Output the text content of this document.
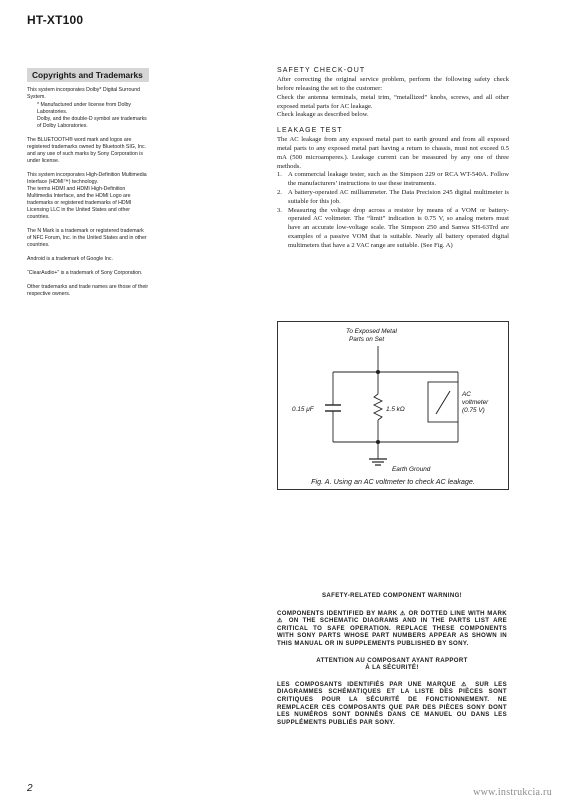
HT-XT100
Copyrights and Trademarks

This system incorporates Dolby* Digital Surround System.

* Manufactured under license from Dolby Laboratories.

Dolby, and the double-D symbol are trademarks of Dolby Laboratories.

The BLUETOOTH® word mark and logos are registered trademarks owned by Bluetooth SIG, Inc. and any use of such marks by Sony Corporation is under license.

This system incorporates High-Definition Multimedia Interface (HDMI™) technology.

The terms HDMI and HDMI High-Definition Multimedia Interface, and the HDMI Logo are trademarks or registered trademarks of HDMI Licensing LLC in the United States and other countries.

The N Mark is a trademark or registered trademark of NFC Forum, Inc. in the United States and in other countries.

Android is a trademark of Google Inc.

“ClearAudio+” is a trademark of Sony Corporation.

Other trademarks and trade names are those of their respective owners.

SAFETY CHECK-OUT

After correcting the original service problem, perform the following safety check before releasing the set to the customer:

Check the antenna terminals, metal trim, “metallized” knobs, screws, and all other exposed metal parts for AC leakage.

Check leakage as described below.

LEAKAGE TEST

The AC leakage from any exposed metal part to earth ground and from all exposed metal parts to any exposed metal part having a return to chassis, must not exceed 0.5 mA (500 microamperes.). Leakage current can be measured by any one of three methods.

1. A commercial leakage tester, such as the Simpson 229 or RCA WT-540A. Follow the manufacturers’ instructions to use these instruments.
2. A battery-operated AC milliammeter. The Data Precision 245 digital multimeter is suitable for this job.
3. Measuring the voltage drop across a resistor by means of a VOM or battery-operated AC voltmeter. The “limit” indication is 0.75 V, so analog meters must have an accurate low-voltage scale. The Simpson 250 and Sanwa SH-63Trd are examples of a passive VOM that is suitable. Nearly all battery operated digital multimeters that have a 2 VAC range are suitable. (See Fig. A)
To Exposed Metal
Parts on Set
0.15 μF	1.5 kΩ
AC
voltmeter
(0.75 V)
Earth Ground
Fig. A. Using an AC voltmeter to check AC leakage.
SAFETY-RELATED COMPONENT WARNING!

COMPONENTS IDENTIFIED BY MARK ⚠ OR DOTTED LINE WITH MARK ⚠ ON THE SCHEMATIC DIAGRAMS AND IN THE PARTS LIST ARE CRITICAL TO SAFE OPERATION. REPLACE THESE COMPONENTS WITH SONY PARTS WHOSE PART NUMBERS APPEAR AS SHOWN IN THIS MANUAL OR IN SUPPLEMENTS PUBLISHED BY SONY.

ATTENTION AU COMPOSANT AYANT RAPPORT
À LA SÉCURITÉ!

LES COMPOSANTS IDENTIFIÉS PAR UNE MARQUE ⚠ SUR LES DIAGRAMMES SCHÉMATIQUES ET LA LISTE DES PIÈCES SONT CRITIQUES POUR LA SÉCURITÉ DE FONCTIONNEMENT. NE REMPLACER CES COMPOSANTS QUE PAR DES PIÈCES SONY DONT LES NUMÉROS SONT DONNÉS DANS CE MANUEL OU DANS LES SUPPLÉMENTS PUBLIÉS PAR SONY.

2	www.instrukcia.ru
